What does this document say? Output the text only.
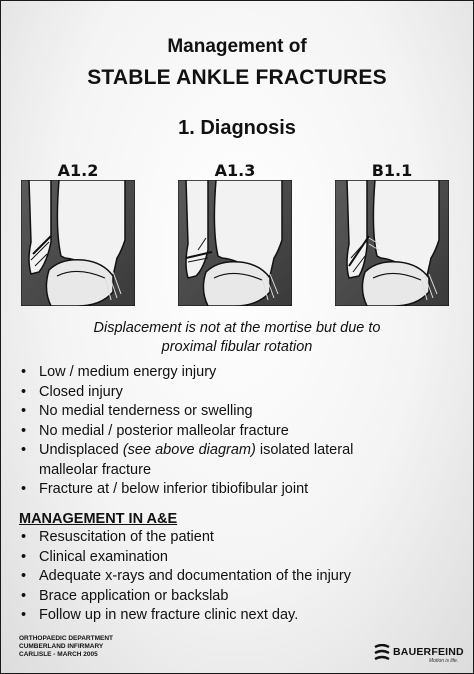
Management of
STABLE ANKLE FRACTURES
1. Diagnosis
A1.2	A1.3	B1.1
Displacement is not at the mortise but due to
proximal fibular rotation
• Low / medium energy injury
• Closed injury
• No medial tenderness or swelling
• No medial / posterior malleolar fracture
• Undisplaced (see above diagram) isolated lateral
malleolar fracture
• Fracture at / below inferior tibiofibular joint
MANAGEMENT IN A&E
• Resuscitation of the patient
• Clinical examination
• Adequate x-rays and documentation of the injury
• Brace application or backslab
• Follow up in new fracture clinic next day.
ORTHOPAEDIC DEPARTMENT
CUMBERLAND INFIRMARY
CARLISLE - MARCH 2005	BAUERFEIND
Motion is life.
